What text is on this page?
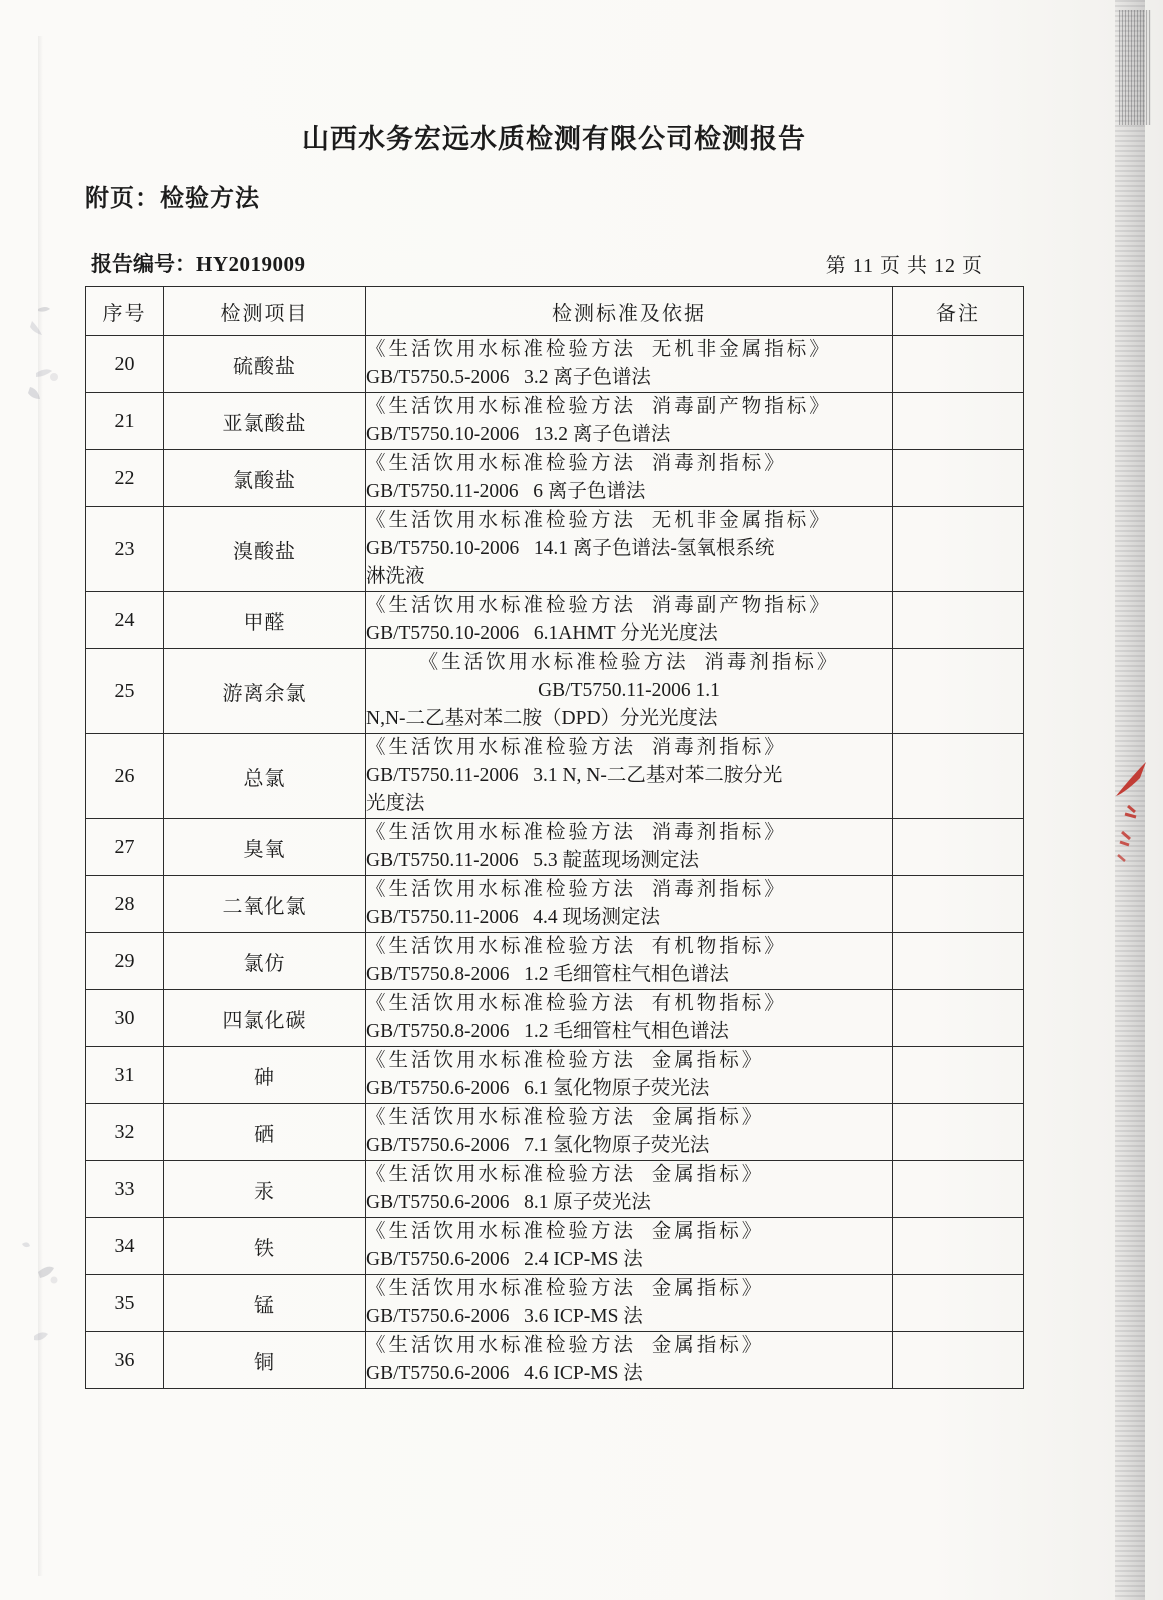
山西水务宏远水质检测有限公司检测报告
附页：检验方法
报告编号：HY2019009	第 11 页 共 12 页
序号	检测项目	检测标准及依据	备注
20	硫酸盐	《生活饮用水标准检验方法  无机非金属指标》
GB/T5750.5-2006   3.2 离子色谱法	

21	亚氯酸盐	《生活饮用水标准检验方法  消毒副产物指标》
GB/T5750.10-2006   13.2 离子色谱法	

22	氯酸盐	《生活饮用水标准检验方法  消毒剂指标》
GB/T5750.11-2006   6 离子色谱法	

23	溴酸盐	《生活饮用水标准检验方法  无机非金属指标》
GB/T5750.10-2006   14.1 离子色谱法-氢氧根系统
淋洗液	

24	甲醛	《生活饮用水标准检验方法  消毒副产物指标》
GB/T5750.10-2006   6.1AHMT 分光光度法	

25	游离余氯	《生活饮用水标准检验方法  消毒剂指标》
GB/T5750.11-2006 1.1
N,N-二乙基对苯二胺（DPD）分光光度法	

26	总氯	《生活饮用水标准检验方法  消毒剂指标》
GB/T5750.11-2006   3.1 N, N-二乙基对苯二胺分光
光度法	

27	臭氧	《生活饮用水标准检验方法  消毒剂指标》
GB/T5750.11-2006   5.3 靛蓝现场测定法	

28	二氧化氯	《生活饮用水标准检验方法  消毒剂指标》
GB/T5750.11-2006   4.4 现场测定法	

29	氯仿	《生活饮用水标准检验方法  有机物指标》
GB/T5750.8-2006   1.2 毛细管柱气相色谱法	

30	四氯化碳	《生活饮用水标准检验方法  有机物指标》
GB/T5750.8-2006   1.2 毛细管柱气相色谱法	

31	砷	《生活饮用水标准检验方法  金属指标》
GB/T5750.6-2006   6.1 氢化物原子荧光法	

32	硒	《生活饮用水标准检验方法  金属指标》
GB/T5750.6-2006   7.1 氢化物原子荧光法	

33	汞	《生活饮用水标准检验方法  金属指标》
GB/T5750.6-2006   8.1 原子荧光法	

34	铁	《生活饮用水标准检验方法  金属指标》
GB/T5750.6-2006   2.4 ICP-MS 法	

35	锰	《生活饮用水标准检验方法  金属指标》
GB/T5750.6-2006   3.6 ICP-MS 法	

36	铜	《生活饮用水标准检验方法  金属指标》
GB/T5750.6-2006   4.6 ICP-MS 法	
